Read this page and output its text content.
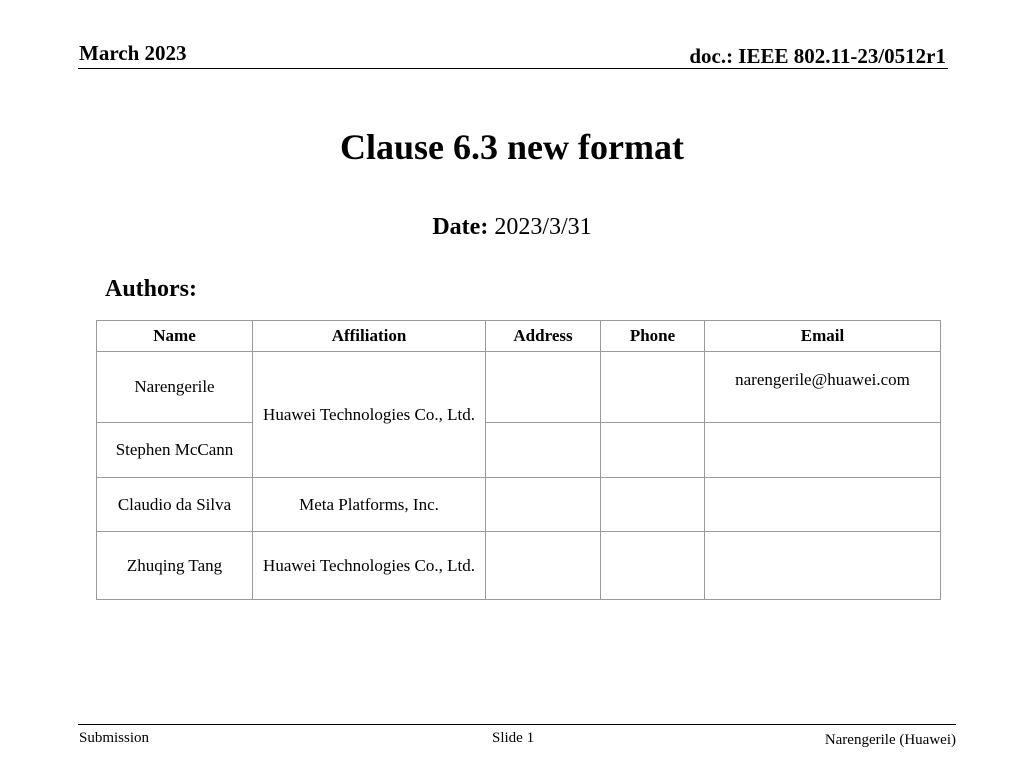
March 2023	doc.: IEEE 802.11-23/0512r1
Clause 6.3 new format
Date: 2023/3/31
Authors:
Name	Affiliation	Address	Phone	Email
Narengerile	Huawei Technologies Co., Ltd.			narengerile@huawei.com
Stephen McCann				
Claudio da Silva	Meta Platforms, Inc.			
Zhuqing Tang	Huawei Technologies Co., Ltd.			
Submission	Slide 1	Narengerile (Huawei)
